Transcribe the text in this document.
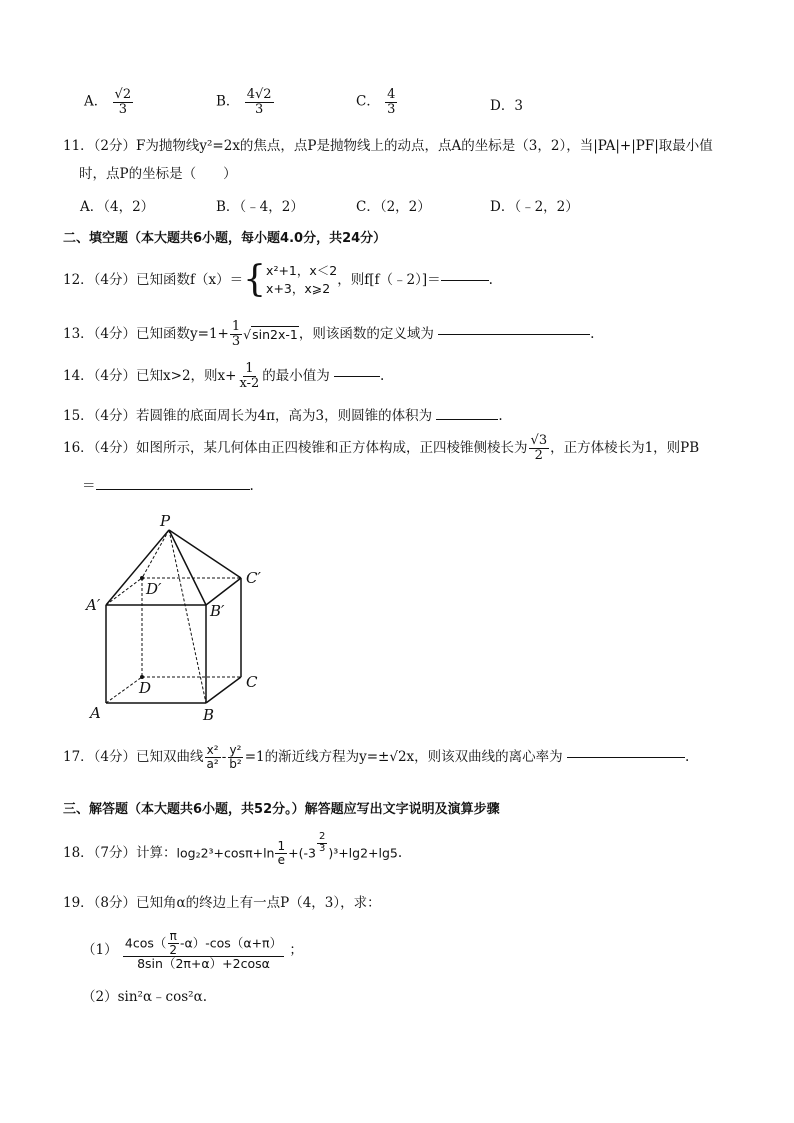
A． $\frac{√2}{3}$	B． $\frac{4√2}{3}$	C． $\frac{4}{3}$	D．3
11．（2分）F为抛物线y²=2x的焦点，点P是抛物线上的动点，点A的坐标是（3，2），当|PA|+|PF|取最小值
时，点P的坐标是（　　）
A．（4，2）	B．（﹣4，2）	C．（2，2）	D．（﹣2，2）
二、填空题（本大题共6小题，每小题4.0分，共24分）
12．（4分）已知函数f（x）＝{ x²+1，x＜2
x+3，x⩾2
，则f[f（﹣2）]＝	.
13．（4分）已知函数$y=1+ \frac{1}{3} √\sin 2x-1$，则该函数的定义域为	.
14．（4分）已知x>2，则$x+ \frac{1}{x-2}$ 的最小值为	.
15．（4分）若圆锥的底面周长为4π，高为3，则圆锥的体积为	.
16．（4分）如图所示，某几何体由正四棱锥和正方体构成，正四棱锥侧棱长为 $\frac{√3}{2}$ ，正方体棱长为1，则PB
＝	.
P
A′	B′
C′
D′
A	B
C
D
17．（4分）已知双曲线 $\frac{\text{x²}}{\text{a²}} - \frac{\text{y²}}{\text{b²}} =1$的渐近线方程为y=±√2x，则该双曲线的离心率为	.
三、解答题（本大题共6小题，共52分。）解答题应写出文字说明及演算步骤
18．（7分）计算：$\log_22^3+\cos\pi+\ln \frac{1}{e} +(-3 \frac{2}{3} )^3+\lg 2+\lg 5$.
19．（8分）已知角α的终边上有一点P（4，3），求：
$(1) \frac{4\cos( \frac{\pi}{2} -\alpha)-\cos(\alpha+\pi)}{8\sin(2\pi+\alpha)+2\cos\alpha}$ ；
（2）sin²α﹣cos²α.
